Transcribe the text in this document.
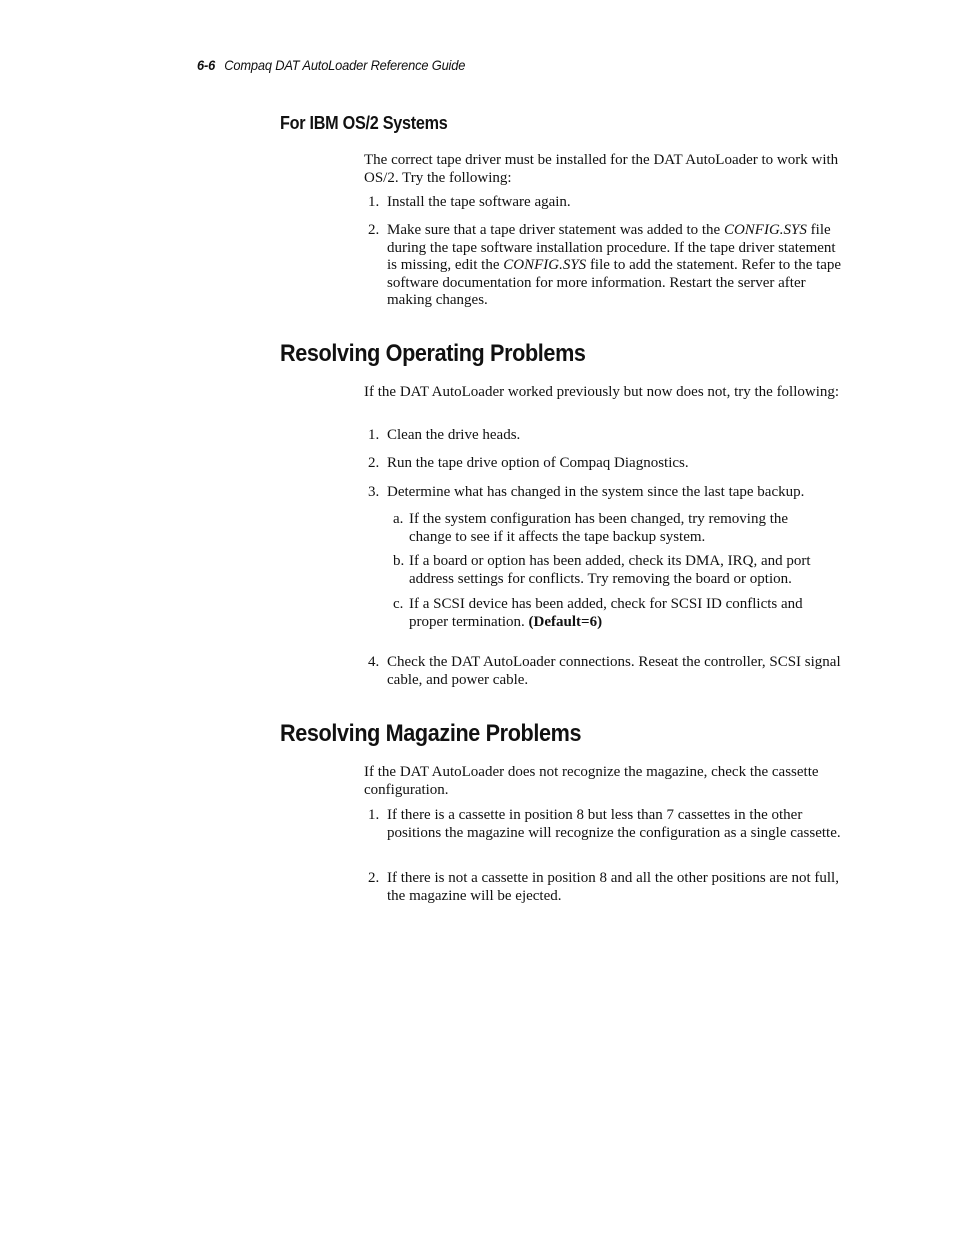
6-6 Compaq DAT AutoLoader Reference Guide
For IBM OS/2 Systems

The correct tape driver must be installed for the DAT AutoLoader to work with OS/2. Try the following:

1. Install the tape software again.
2. Make sure that a tape driver statement was added to the CONFIG.SYS file during the tape software installation procedure. If the tape driver statement is missing, edit the CONFIG.SYS file to add the statement. Refer to the tape software documentation for more information. Restart the server after making changes.
Resolving Operating Problems

If the DAT AutoLoader worked previously but now does not, try the following:

1. Clean the drive heads.
2. Run the tape drive option of Compaq Diagnostics.
3. Determine what has changed in the system since the last tape backup.
a. If the system configuration has been changed, try removing the change to see if it affects the tape backup system.
b. If a board or option has been added, check its DMA, IRQ, and port address settings for conflicts. Try removing the board or option.
c. If a SCSI device has been added, check for SCSI ID conflicts and proper termination. (Default=6)
4. Check the DAT AutoLoader connections. Reseat the controller, SCSI signal cable, and power cable.
Resolving Magazine Problems

If the DAT AutoLoader does not recognize the magazine, check the cassette configuration.

1. If there is a cassette in position 8 but less than 7 cassettes in the other positions the magazine will recognize the configuration as a single cassette.
2. If there is not a cassette in position 8 and all the other positions are not full, the magazine will be ejected.
